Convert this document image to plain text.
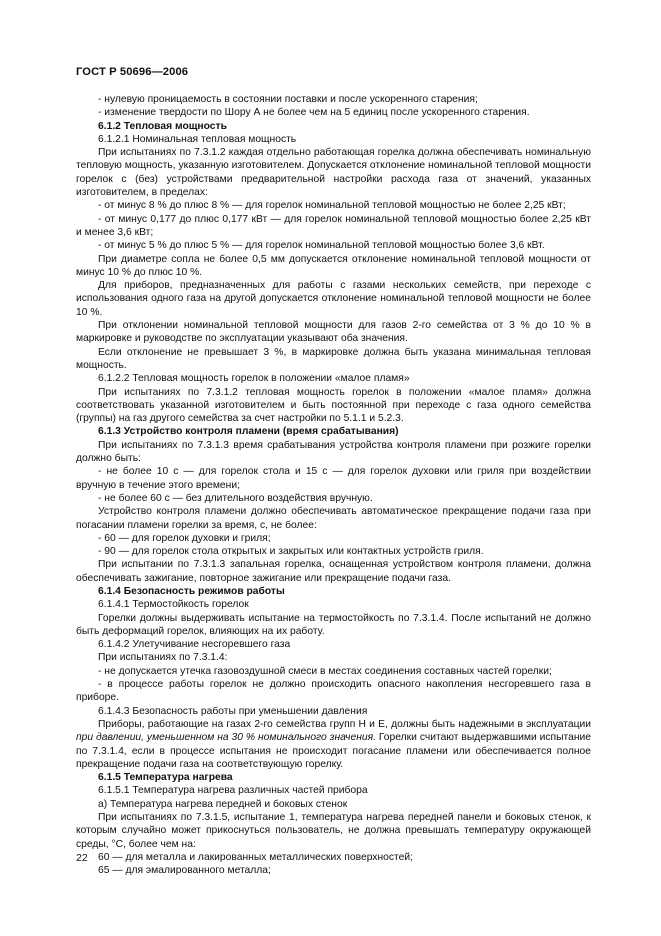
ГОСТ Р 50696—2006

- нулевую проницаемость в состоянии поставки и после ускоренного старения;

- изменение твердости по Шору А не более чем на 5 единиц после ускоренного старения.

6.1.2 Тепловая мощность

6.1.2.1 Номинальная тепловая мощность

При испытаниях по 7.3.1.2 каждая отдельно работающая горелка должна обеспечивать номинальную тепловую мощность, указанную изготовителем. Допускается отклонение номинальной тепловой мощности горелок с (без) устройствами предварительной настройки расхода газа от значений, указанных изготовителем, в пределах:

- от минус 8 % до плюс 8 % — для горелок номинальной тепловой мощностью не более 2,25 кВт;

- от минус 0,177 до плюс 0,177 кВт — для горелок номинальной тепловой мощностью более 2,25 кВт и менее 3,6 кВт;

- от минус 5 % до плюс 5 % — для горелок номинальной тепловой мощностью более 3,6 кВт.

При диаметре сопла не более 0,5 мм допускается отклонение номинальной тепловой мощности от минус 10 % до плюс 10 %.

Для приборов, предназначенных для работы с газами нескольких семейств, при переходе с использования одного газа на другой допускается отклонение номинальной тепловой мощности не более 10 %.

При отклонении номинальной тепловой мощности для газов 2-го семейства от 3 % до 10 % в маркировке и руководстве по эксплуатации указывают оба значения.

Если отклонение не превышает 3 %, в маркировке должна быть указана минимальная тепловая мощность.

6.1.2.2 Тепловая мощность горелок в положении «малое пламя»

При испытаниях по 7.3.1.2 тепловая мощность горелок в положении «малое пламя» должна соответствовать указанной изготовителем и быть постоянной при переходе с газа одного семейства (группы) на газ другого семейства за счет настройки по 5.1.1 и 5.2.3.

6.1.3 Устройство контроля пламени (время срабатывания)

При испытаниях по 7.3.1.3 время срабатывания устройства контроля пламени при розжиге горелки должно быть:

- не более 10 с — для горелок стола и 15 с — для горелок духовки или гриля при воздействии вручную в течение этого времени;

- не более 60 с — без длительного воздействия вручную.

Устройство контроля пламени должно обеспечивать автоматическое прекращение подачи газа при погасании пламени горелки за время, с, не более:

- 60 — для горелок духовки и гриля;

- 90 — для горелок стола открытых и закрытых или контактных устройств гриля.

При испытании по 7.3.1.3 запальная горелка, оснащенная устройством контроля пламени, должна обеспечивать зажигание, повторное зажигание или прекращение подачи газа.

6.1.4 Безопасность режимов работы

6.1.4.1 Термостойкость горелок

Горелки должны выдерживать испытание на термостойкость по 7.3.1.4. После испытаний не должно быть деформаций горелок, влияющих на их работу.

6.1.4.2 Улетучивание несгоревшего газа

При испытаниях по 7.3.1.4:

- не допускается утечка газовоздушной смеси в местах соединения составных частей горелки;

- в процессе работы горелок не должно происходить опасного накопления несгоревшего газа в приборе.

6.1.4.3 Безопасность работы при уменьшении давления

Приборы, работающие на газах 2-го семейства групп Н и Е, должны быть надежными в эксплуатации при давлении, уменьшенном на 30 % номинального значения. Горелки считают выдержавшими испытание по 7.3.1.4, если в процессе испытания не происходит погасание пламени или обеспечивается полное прекращение подачи газа на соответствующую горелку.

6.1.5 Температура нагрева

6.1.5.1 Температура нагрева различных частей прибора

а) Температура нагрева передней и боковых стенок

При испытаниях по 7.3.1.5, испытание 1, температура нагрева передней панели и боковых стенок, к которым случайно может прикоснуться пользователь, не должна превышать температуру окружающей среды, °С, более чем на:

60 — для металла и лакированных металлических поверхностей;

65 — для эмалированного металла;

22
